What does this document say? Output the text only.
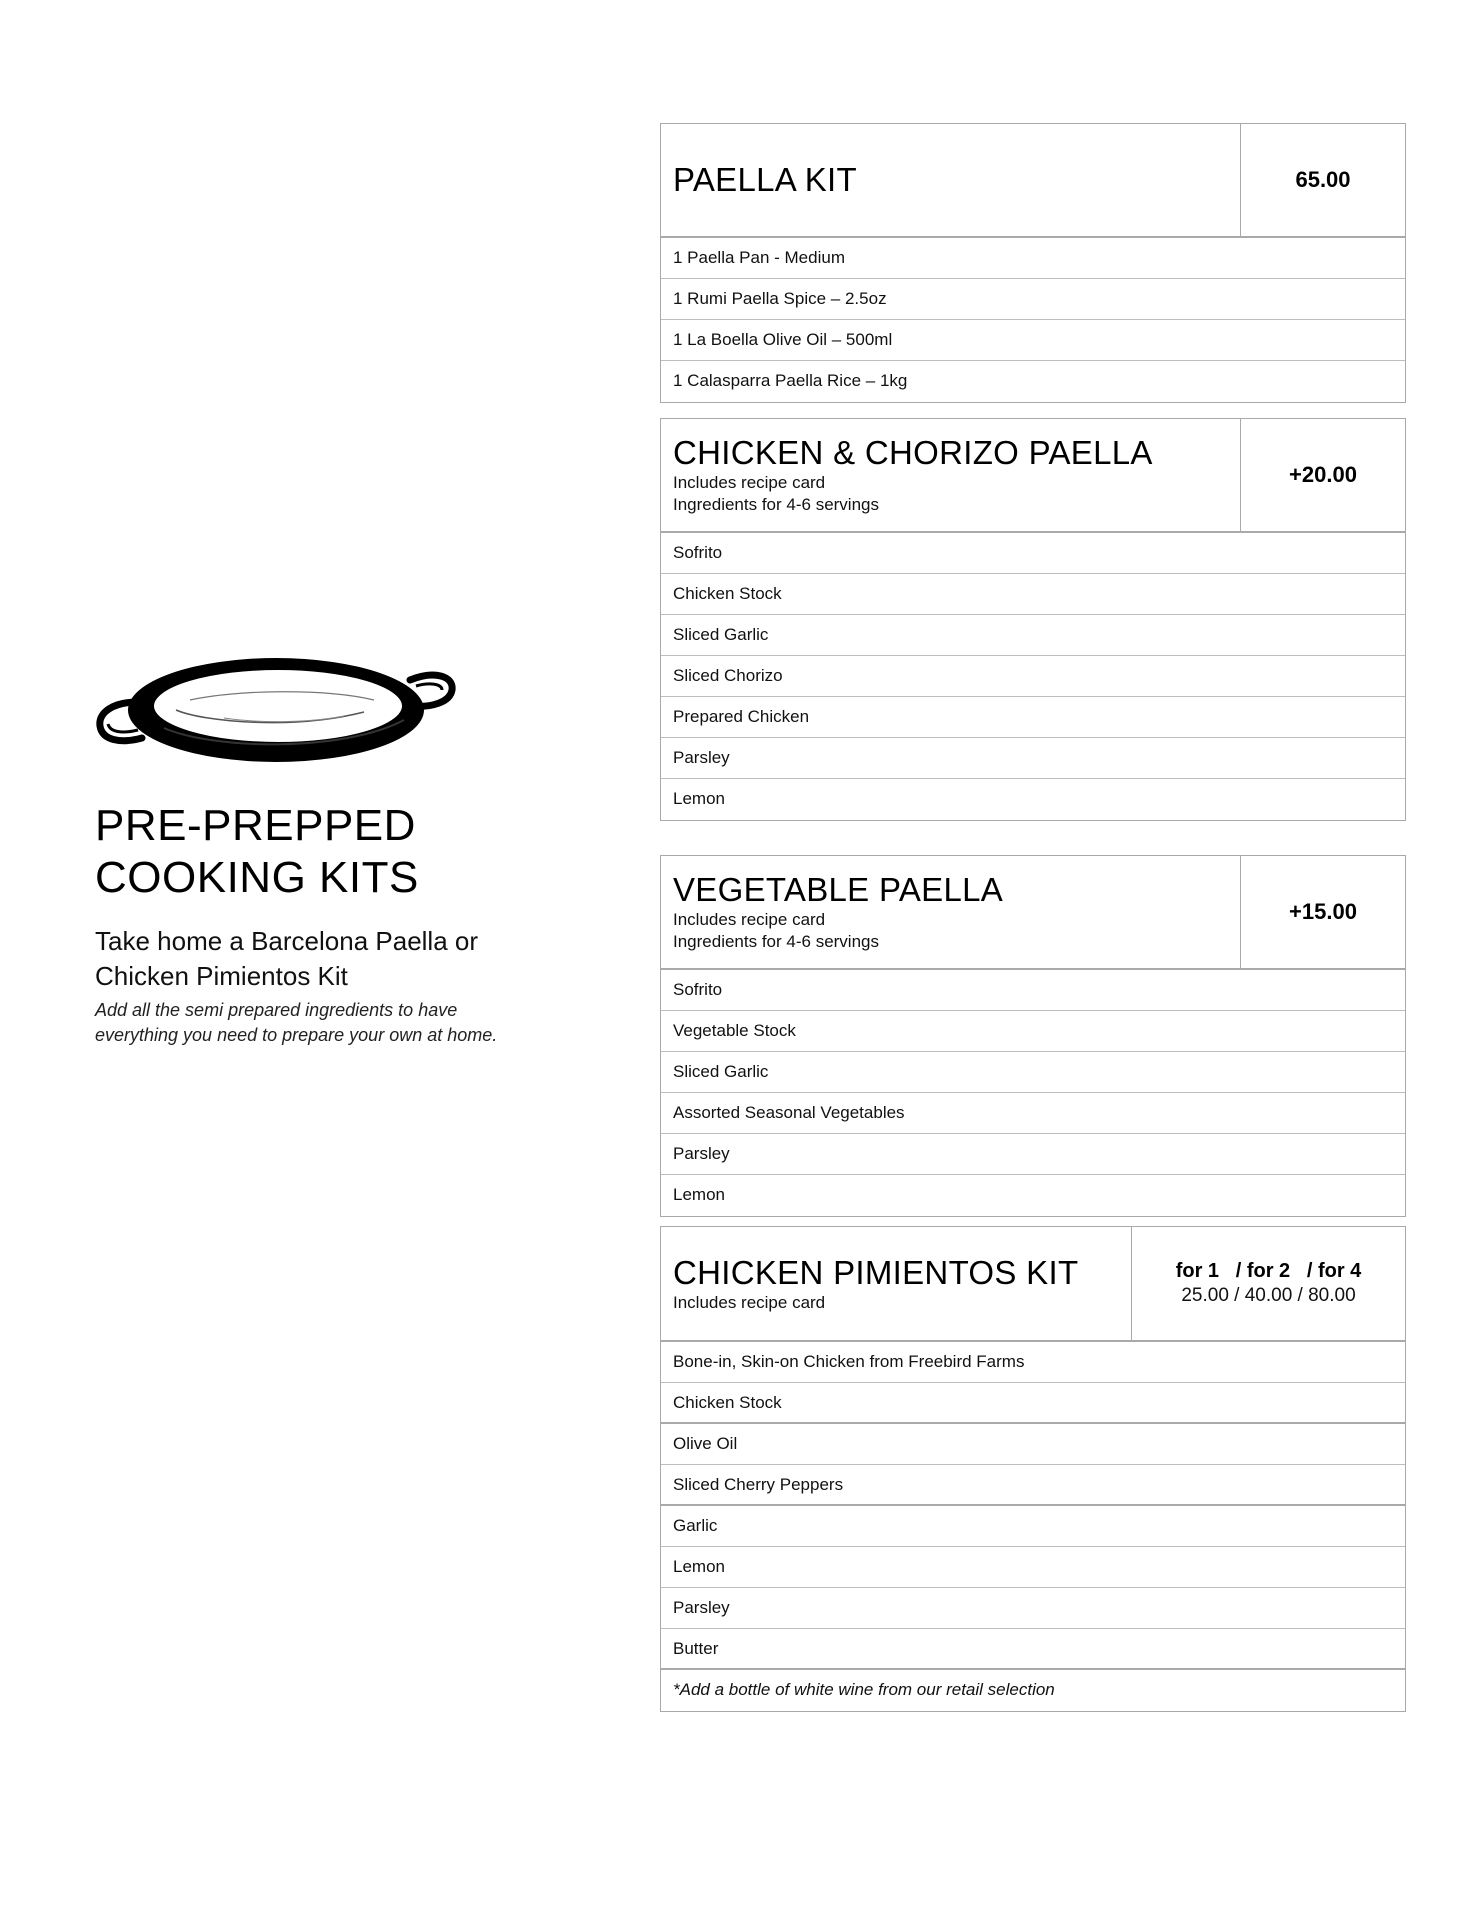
PRE-PREPPED
COOKING KITS

Take home a Barcelona Paella or
Chicken Pimientos Kit

Add all the semi prepared ingredients to have
everything you need to prepare your own at home.

PAELLA KIT	65.00
1 Paella Pan - Medium
1 Rumi Paella Spice – 2.5oz
1 La Boella Olive Oil – 500ml
1 Calasparra Paella Rice – 1kg
CHICKEN & CHORIZO PAELLA
Includes recipe card
Ingredients for 4-6 servings
+20.00
Sofrito
Chicken Stock
Sliced Garlic
Sliced Chorizo
Prepared Chicken
Parsley
Lemon
VEGETABLE PAELLA
Includes recipe card
Ingredients for 4-6 servings
+15.00
Sofrito
Vegetable Stock
Sliced Garlic
Assorted Seasonal Vegetables
Parsley
Lemon
CHICKEN PIMIENTOS KIT
Includes recipe card
for 1   / for 2   / for 4
25.00 / 40.00 / 80.00
Bone-in, Skin-on Chicken from Freebird Farms
Chicken Stock
Olive Oil
Sliced Cherry Peppers
Garlic
Lemon
Parsley
Butter
*Add a bottle of white wine from our retail selection
